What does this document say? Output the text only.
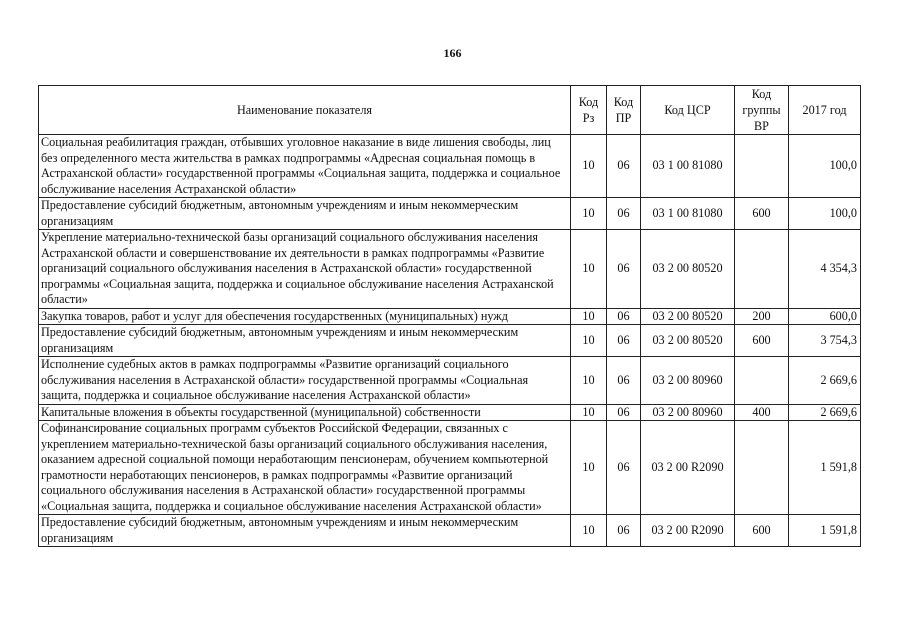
166
Наименование показателя	Код Рз	Код ПР	Код ЦСР	Код группы ВР	2017 год
Социальная реабилитация граждан, отбывших уголовное наказание в виде лишения свободы, лиц без определенного места жительства в рамках подпрограммы «Адресная социальная помощь в Астраханской области» государственной программы «Социальная защита, поддержка и социальное обслуживание населения Астраханской области»	10	06	03 1 00 81080		100,0
Предоставление субсидий бюджетным, автономным учреждениям и иным некоммерческим организациям	10	06	03 1 00 81080	600	100,0
Укрепление материально-технической базы организаций социального обслуживания населения Астраханской области и совершенствование их деятельности в рамках подпрограммы «Развитие организаций социального обслуживания населения в Астраханской области» государственной программы «Социальная защита, поддержка и социальное обслуживание населения Астраханской области»	10	06	03 2 00 80520		4 354,3
Закупка товаров, работ и услуг для обеспечения государственных (муниципальных) нужд	10	06	03 2 00 80520	200	600,0
Предоставление субсидий бюджетным, автономным учреждениям и иным некоммерческим организациям	10	06	03 2 00 80520	600	3 754,3
Исполнение судебных актов в рамках подпрограммы «Развитие организаций социального обслуживания населения в Астраханской области» государственной программы «Социальная защита, поддержка и социальное обслуживание населения Астраханской области»	10	06	03 2 00 80960		2 669,6
Капитальные вложения в объекты государственной (муниципальной) собственности	10	06	03 2 00 80960	400	2 669,6
Софинансирование социальных программ субъектов Российской Федерации, связанных с укреплением материально-технической базы организаций социального обслуживания населения, оказанием адресной социальной помощи неработающим пенсионерам, обучением компьютерной грамотности неработающих пенсионеров, в рамках подпрограммы «Развитие организаций социального обслуживания населения в Астраханской области» государственной программы «Социальная защита, поддержка и социальное обслуживание населения Астраханской области»	10	06	03 2 00 R2090		1 591,8
Предоставление субсидий бюджетным, автономным учреждениям и иным некоммерческим организациям	10	06	03 2 00 R2090	600	1 591,8
